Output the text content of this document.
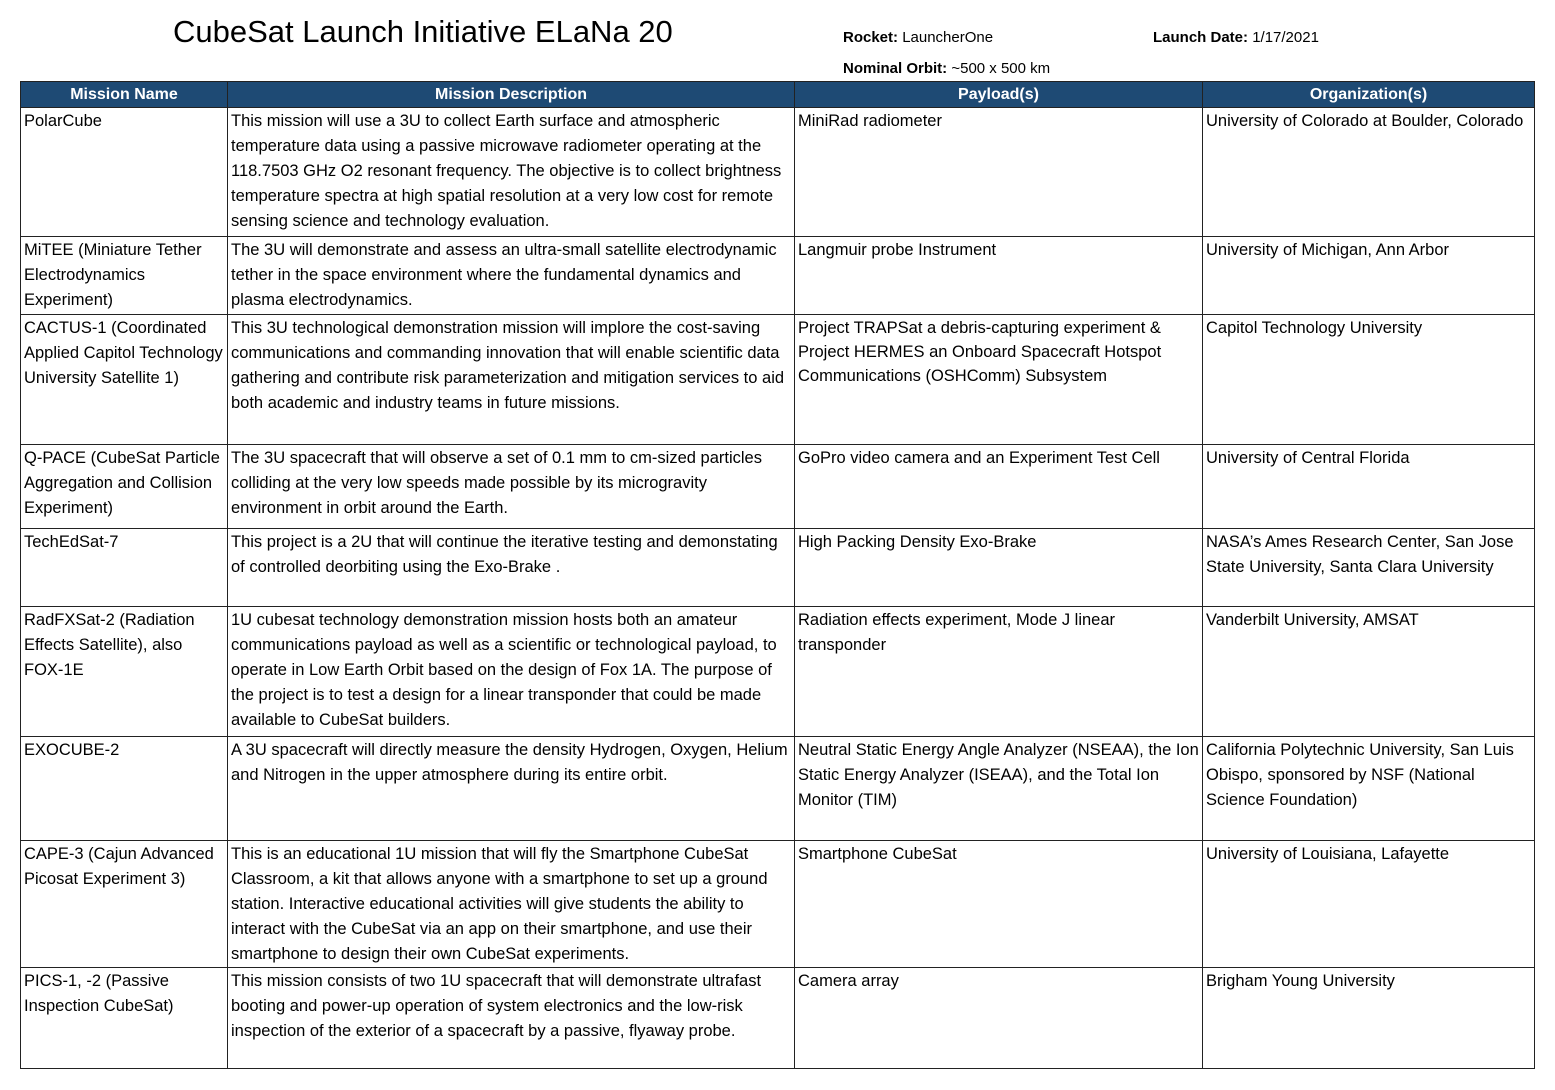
CubeSat Launch Initiative ELaNa 20	Rocket: LauncherOne	Launch Date: 1/17/2021
Nominal Orbit: ~500 x 500 km
Mission Name	Mission Description	Payload(s)	Organization(s)
PolarCube	This mission will use a 3U to collect Earth surface and atmospheric temperature data using a passive microwave radiometer operating at the 118.7503 GHz O2 resonant frequency. The objective is to collect brightness temperature spectra at high spatial resolution at a very low cost for remote sensing science and technology evaluation.	MiniRad radiometer	University of Colorado at Boulder, Colorado
MiTEE (Miniature Tether Electrodynamics Experiment)	The 3U will demonstrate and assess an ultra-small satellite electrodynamic tether in the space environment where the fundamental dynamics and plasma electrodynamics.	Langmuir probe Instrument	University of Michigan, Ann Arbor
CACTUS-1 (Coordinated Applied Capitol Technology University Satellite 1)	This 3U technological demonstration mission will implore the cost-saving communications and commanding innovation that will enable scientific data gathering and contribute risk parameterization and mitigation services to aid both academic and industry teams in future missions.	Project TRAPSat a debris-capturing experiment & Project HERMES an Onboard Spacecraft Hotspot Communications (OSHComm) Subsystem	Capitol Technology University
Q-PACE (CubeSat Particle Aggregation and Collision Experiment)	The 3U spacecraft that will observe a set of 0.1 mm to cm-sized particles colliding at the very low speeds made possible by its microgravity environment in orbit around the Earth.	GoPro video camera and an Experiment Test Cell	University of Central Florida
TechEdSat-7	This project is a 2U that will continue the iterative testing and demonstating of controlled deorbiting using the Exo-Brake .	High Packing Density Exo-Brake	NASA’s Ames Research Center, San Jose State University, Santa Clara University
RadFXSat-2 (Radiation Effects Satellite), also FOX-1E	1U cubesat technology demonstration mission hosts both an amateur communications payload as well as a scientific or technological payload, to operate in Low Earth Orbit based on the design of Fox 1A. The purpose of the project is to test a design for a linear transponder that could be made available to CubeSat builders.	Radiation effects experiment, Mode J linear transponder	Vanderbilt University, AMSAT
EXOCUBE-2	A 3U spacecraft will directly measure the density Hydrogen, Oxygen, Helium and Nitrogen in the upper atmosphere during its entire orbit.	Neutral Static Energy Angle Analyzer (NSEAA), the Ion Static Energy Analyzer (ISEAA), and the Total Ion Monitor (TIM)	California Polytechnic University, San Luis Obispo, sponsored by NSF (National Science Foundation)
CAPE-3 (Cajun Advanced Picosat Experiment 3)	This is an educational 1U mission that will fly the Smartphone CubeSat Classroom, a kit that allows anyone with a smartphone to set up a ground station. Interactive educational activities will give students the ability to interact with the CubeSat via an app on their smartphone, and use their smartphone to design their own CubeSat experiments.	Smartphone CubeSat	University of Louisiana, Lafayette
PICS-1, -2 (Passive Inspection CubeSat)	This mission consists of two 1U spacecraft that will demonstrate ultrafast booting and power-up operation of system electronics and the low-risk inspection of the exterior of a spacecraft by a passive, flyaway probe.	Camera array	Brigham Young University
